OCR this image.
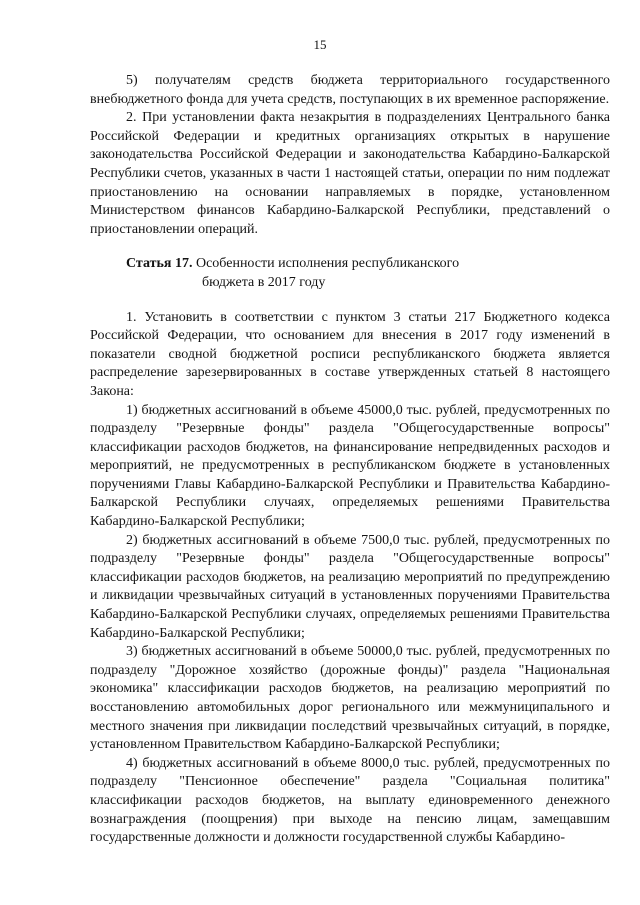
15

5) получателям средств бюджета территориального государственного внебюджетного фонда для учета средств, поступающих в их временное распоряжение.

2. При установлении факта незакрытия в подразделениях Центрального банка Российской Федерации и кредитных организациях открытых в нарушение законодательства Российской Федерации и законодательства Кабардино-Балкарской Республики счетов, указанных в части 1 настоящей статьи, операции по ним подлежат приостановлению на основании направляемых в порядке, установленном Министерством финансов Кабардино-Балкарской Республики, представлений о приостановлении операций.

Статья 17. Особенности исполнения республиканского
бюджета в 2017 году

1. Установить в соответствии с пунктом 3 статьи 217 Бюджетного кодекса Российской Федерации, что основанием для внесения в 2017 году изменений в показатели сводной бюджетной росписи республиканского бюджета является распределение зарезервированных в составе утвержденных статьей 8 настоящего Закона:

1) бюджетных ассигнований в объеме 45000,0 тыс. рублей, предусмотренных по подразделу "Резервные фонды" раздела "Общегосударственные вопросы" классификации расходов бюджетов, на финансирование непредвиденных расходов и мероприятий, не предусмотренных в республиканском бюджете в установленных поручениями Главы Кабардино-Балкарской Республики и Правительства Кабардино-Балкарской Республики случаях, определяемых решениями Правительства Кабардино-Балкарской Республики;

2) бюджетных ассигнований в объеме 7500,0 тыс. рублей, предусмотренных по подразделу "Резервные фонды" раздела "Общегосударственные вопросы" классификации расходов бюджетов, на реализацию мероприятий по предупреждению и ликвидации чрезвычайных ситуаций в установленных поручениями Правительства Кабардино-Балкарской Республики случаях, определяемых решениями Правительства Кабардино-Балкарской Республики;

3) бюджетных ассигнований в объеме 50000,0 тыс. рублей, предусмотренных по подразделу "Дорожное хозяйство (дорожные фонды)" раздела "Национальная экономика" классификации расходов бюджетов, на реализацию мероприятий по восстановлению автомобильных дорог регионального или межмуниципального и местного значения при ликвидации последствий чрезвычайных ситуаций, в порядке, установленном Правительством Кабардино-Балкарской Республики;

4) бюджетных ассигнований в объеме 8000,0 тыс. рублей, предусмотренных по подразделу "Пенсионное обеспечение" раздела "Социальная политика" классификации расходов бюджетов, на выплату единовременного денежного вознаграждения (поощрения) при выходе на пенсию лицам, замещавшим государственные должности и должности государственной службы Кабардино-
